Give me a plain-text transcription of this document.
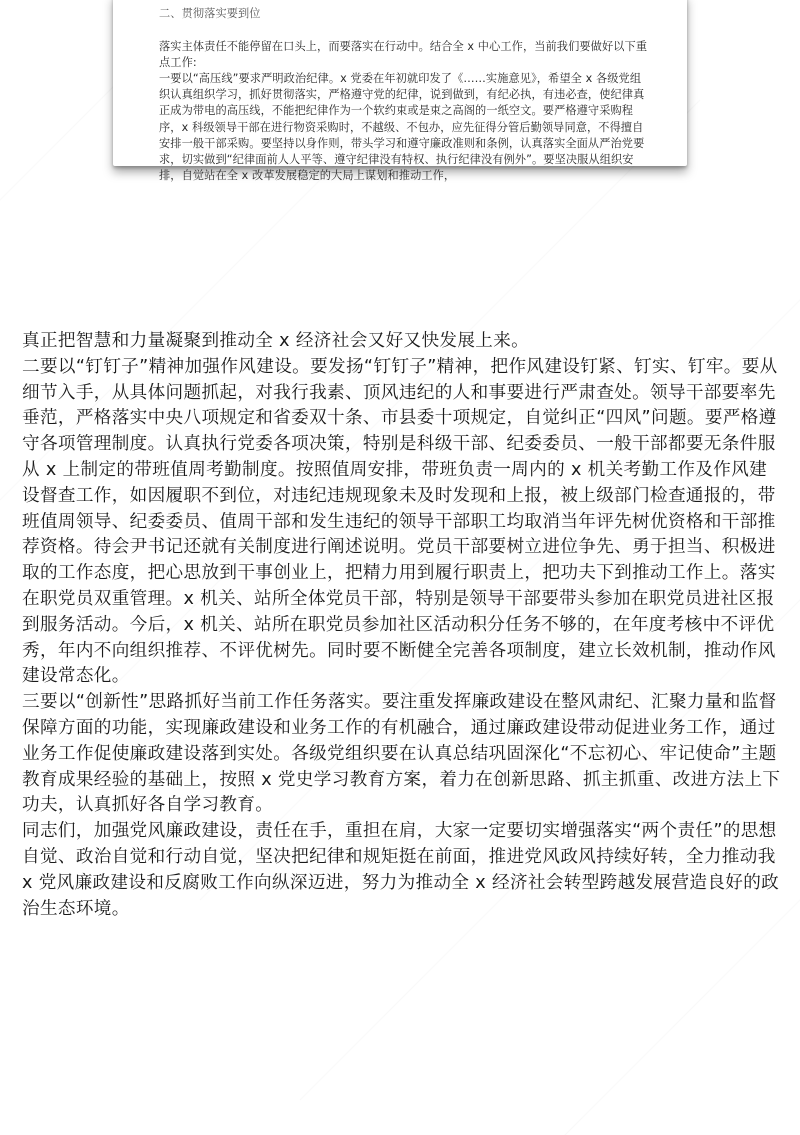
二、贯彻落实要到位

落实主体责任不能停留在口头上，而要落实在行动中。结合全 x 中心工作，当前我们要做好以下重点工作:
一要以“高压线”要求严明政治纪律。x 党委在年初就印发了《……实施意见》，希望全 x 各级党组织认真组织学习，抓好贯彻落实，严格遵守党的纪律，说到做到，有纪必执，有违必查，使纪律真正成为带电的高压线，不能把纪律作为一个软约束或是束之高阁的一纸空文。要严格遵守采购程序，x 科级领导干部在进行物资采购时，不越级、不包办，应先征得分管后勤领导同意，不得擅自安排一般干部采购。要坚持以身作则，带头学习和遵守廉政准则和条例，认真落实全面从严治党要求，切实做到“纪律面前人人平等、遵守纪律没有特权、执行纪律没有例外”。要坚决服从组织安排，自觉站在全 x 改革发展稳定的大局上谋划和推动工作，

真正把智慧和力量凝聚到推动全 x 经济社会又好又快发展上来。

二要以“钉钉子”精神加强作风建设。要发扬“钉钉子”精神，把作风建设钉紧、钉实、钉牢。要从细节入手，从具体问题抓起，对我行我素、顶风违纪的人和事要进行严肃查处。领导干部要率先垂范，严格落实中央八项规定和省委双十条、市县委十项规定，自觉纠正“四风”问题。要严格遵守各项管理制度。认真执行党委各项决策，特别是科级干部、纪委委员、一般干部都要无条件服从 x 上制定的带班值周考勤制度。按照值周安排，带班负责一周内的 x 机关考勤工作及作风建设督查工作，如因履职不到位，对违纪违规现象未及时发现和上报，被上级部门检查通报的，带班值周领导、纪委委员、值周干部和发生违纪的领导干部职工均取消当年评先树优资格和干部推荐资格。待会尹书记还就有关制度进行阐述说明。党员干部要树立进位争先、勇于担当、积极进取的工作态度，把心思放到干事创业上，把精力用到履行职责上，把功夫下到推动工作上。落实在职党员双重管理。x 机关、站所全体党员干部，特别是领导干部要带头参加在职党员进社区报到服务活动。今后，x 机关、站所在职党员参加社区活动积分任务不够的，在年度考核中不评优秀，年内不向组织推荐、不评优树先。同时要不断健全完善各项制度，建立长效机制，推动作风建设常态化。

三要以“创新性”思路抓好当前工作任务落实。要注重发挥廉政建设在整风肃纪、汇聚力量和监督保障方面的功能，实现廉政建设和业务工作的有机融合，通过廉政建设带动促进业务工作，通过业务工作促使廉政建设落到实处。各级党组织要在认真总结巩固深化“不忘初心、牢记使命”主题教育成果经验的基础上，按照 x 党史学习教育方案，着力在创新思路、抓主抓重、改进方法上下功夫，认真抓好各自学习教育。

同志们，加强党风廉政建设，责任在手，重担在肩，大家一定要切实增强落实“两个责任”的思想自觉、政治自觉和行动自觉，坚决把纪律和规矩挺在前面，推进党风政风持续好转，全力推动我 x 党风廉政建设和反腐败工作向纵深迈进，努力为推动全 x 经济社会转型跨越发展营造良好的政治生态环境。
